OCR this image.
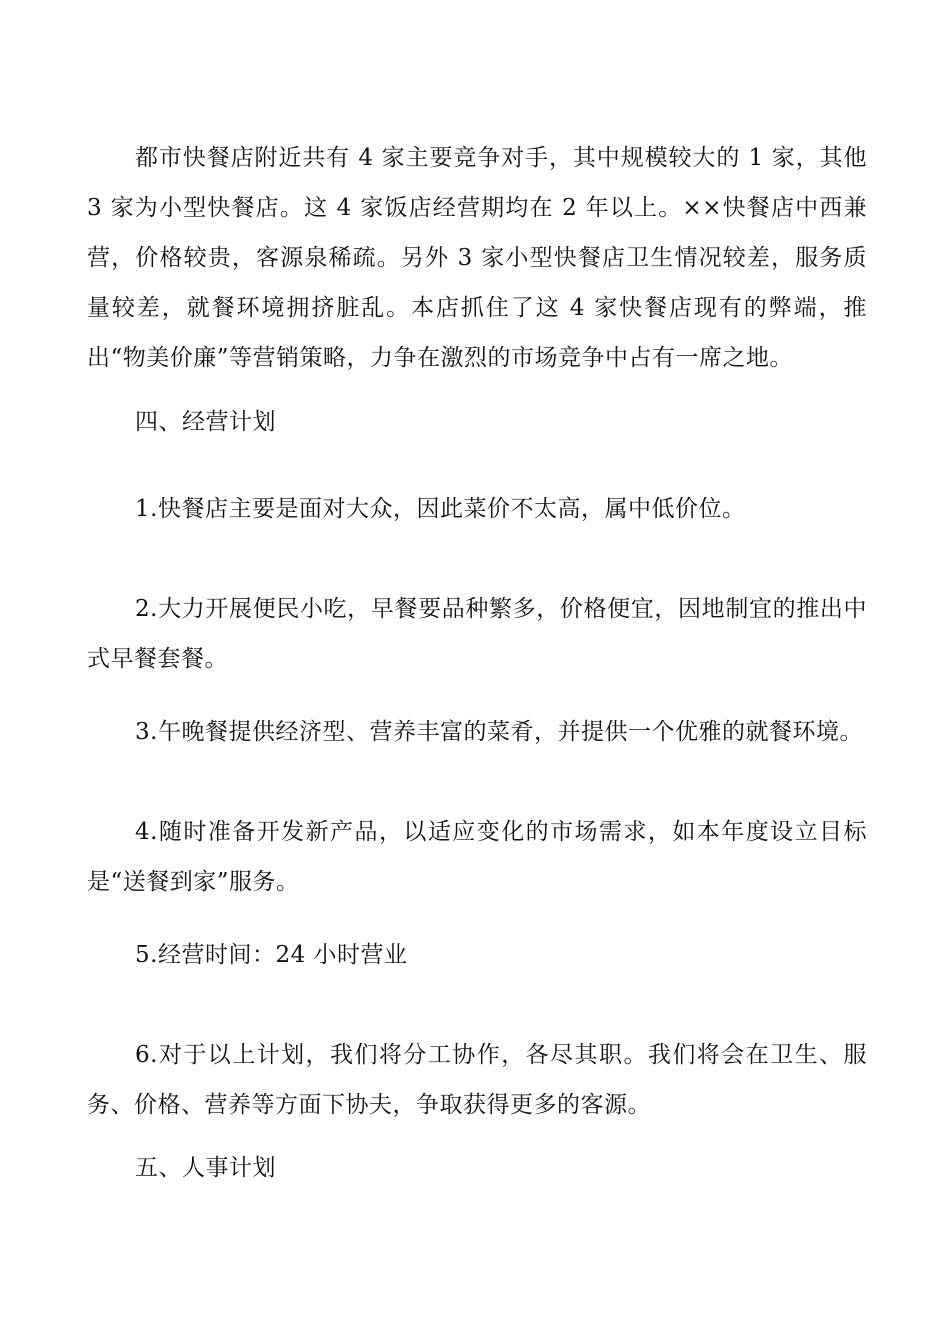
都市快餐店附近共有 4 家主要竞争对手，其中规模较大的 1 家，其他 3 家为小型快餐店。这 4 家饭店经营期均在 2 年以上。××快餐店中西兼营，价格较贵，客源泉稀疏。另外 3 家小型快餐店卫生情况较差，服务质量较差，就餐环境拥挤脏乱。本店抓住了这 4 家快餐店现有的弊端，推出“物美价廉”等营销策略，力争在激烈的市场竞争中占有一席之地。

四、经营计划

1.快餐店主要是面对大众，因此菜价不太高，属中低价位。

2.大力开展便民小吃，早餐要品种繁多，价格便宜，因地制宜的推出中式早餐套餐。

3.午晚餐提供经济型、营养丰富的菜肴，并提供一个优雅的就餐环境。

4.随时准备开发新产品，以适应变化的市场需求，如本年度设立目标是“送餐到家”服务。

5.经营时间：24 小时营业

6.对于以上计划，我们将分工协作，各尽其职。我们将会在卫生、服务、价格、营养等方面下协夫，争取获得更多的客源。

五、人事计划
